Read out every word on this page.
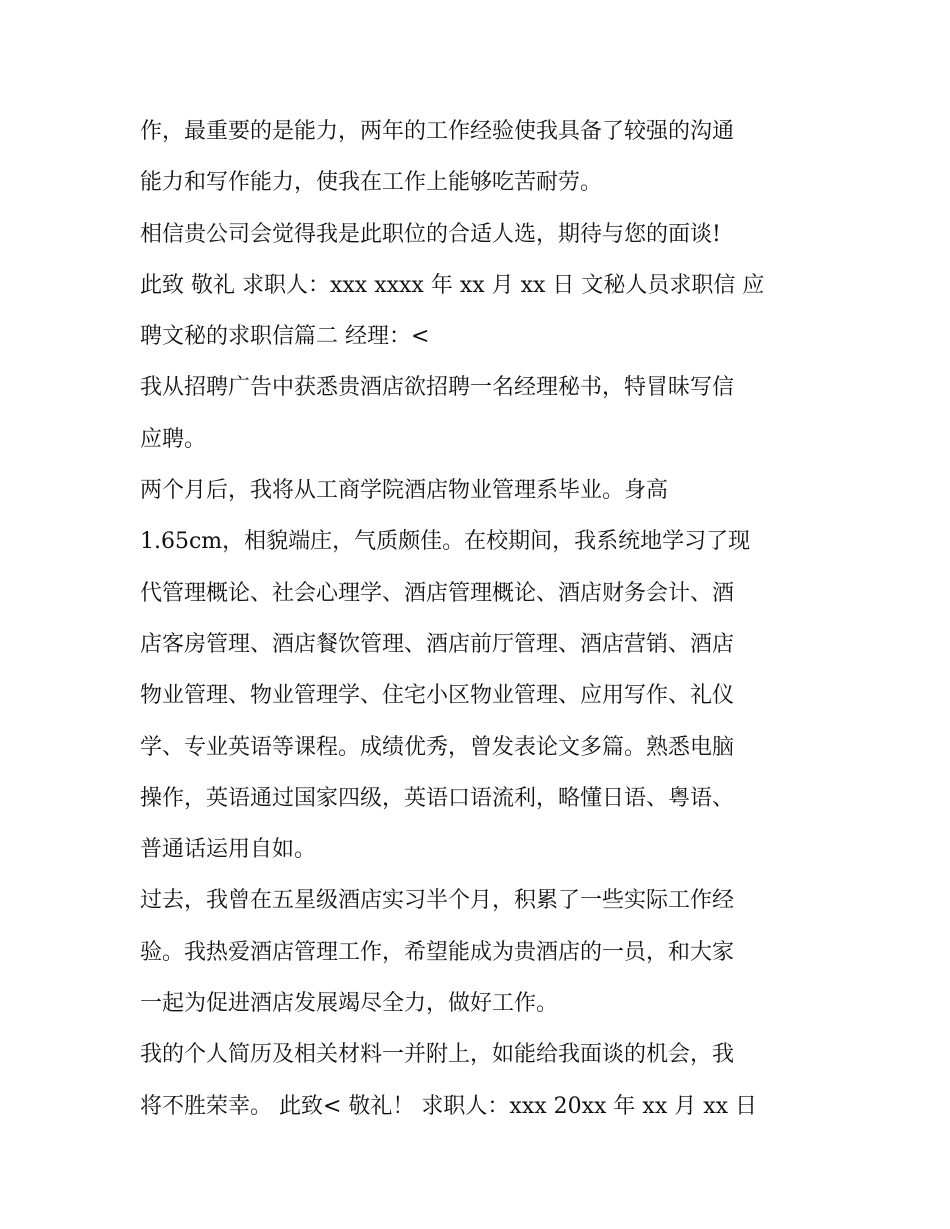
作，最重要的是能力，两年的工作经验使我具备了较强的沟通
能力和写作能力，使我在工作上能够吃苦耐劳。
相信贵公司会觉得我是此职位的合适人选，期待与您的面谈!
此致 敬礼 求职人：xxx xxxx 年 xx 月 xx 日 文秘人员求职信 应
聘文秘的求职信篇二 经理：<
我从招聘广告中获悉贵酒店欲招聘一名经理秘书，特冒昧写信
应聘。
两个月后，我将从工商学院酒店物业管理系毕业。身高
1.65cm，相貌端庄，气质颇佳。在校期间，我系统地学习了现
代管理概论、社会心理学、酒店管理概论、酒店财务会计、酒
店客房管理、酒店餐饮管理、酒店前厅管理、酒店营销、酒店
物业管理、物业管理学、住宅小区物业管理、应用写作、礼仪
学、专业英语等课程。成绩优秀，曾发表论文多篇。熟悉电脑
操作，英语通过国家四级，英语口语流利，略懂日语、粤语、
普通话运用自如。
过去，我曾在五星级酒店实习半个月，积累了一些实际工作经
验。我热爱酒店管理工作，希望能成为贵酒店的一员，和大家
一起为促进酒店发展竭尽全力，做好工作。
我的个人简历及相关材料一并附上，如能给我面谈的机会，我
将不胜荣幸。 此致< 敬礼！ 求职人：xxx 20xx 年 xx 月 xx 日
